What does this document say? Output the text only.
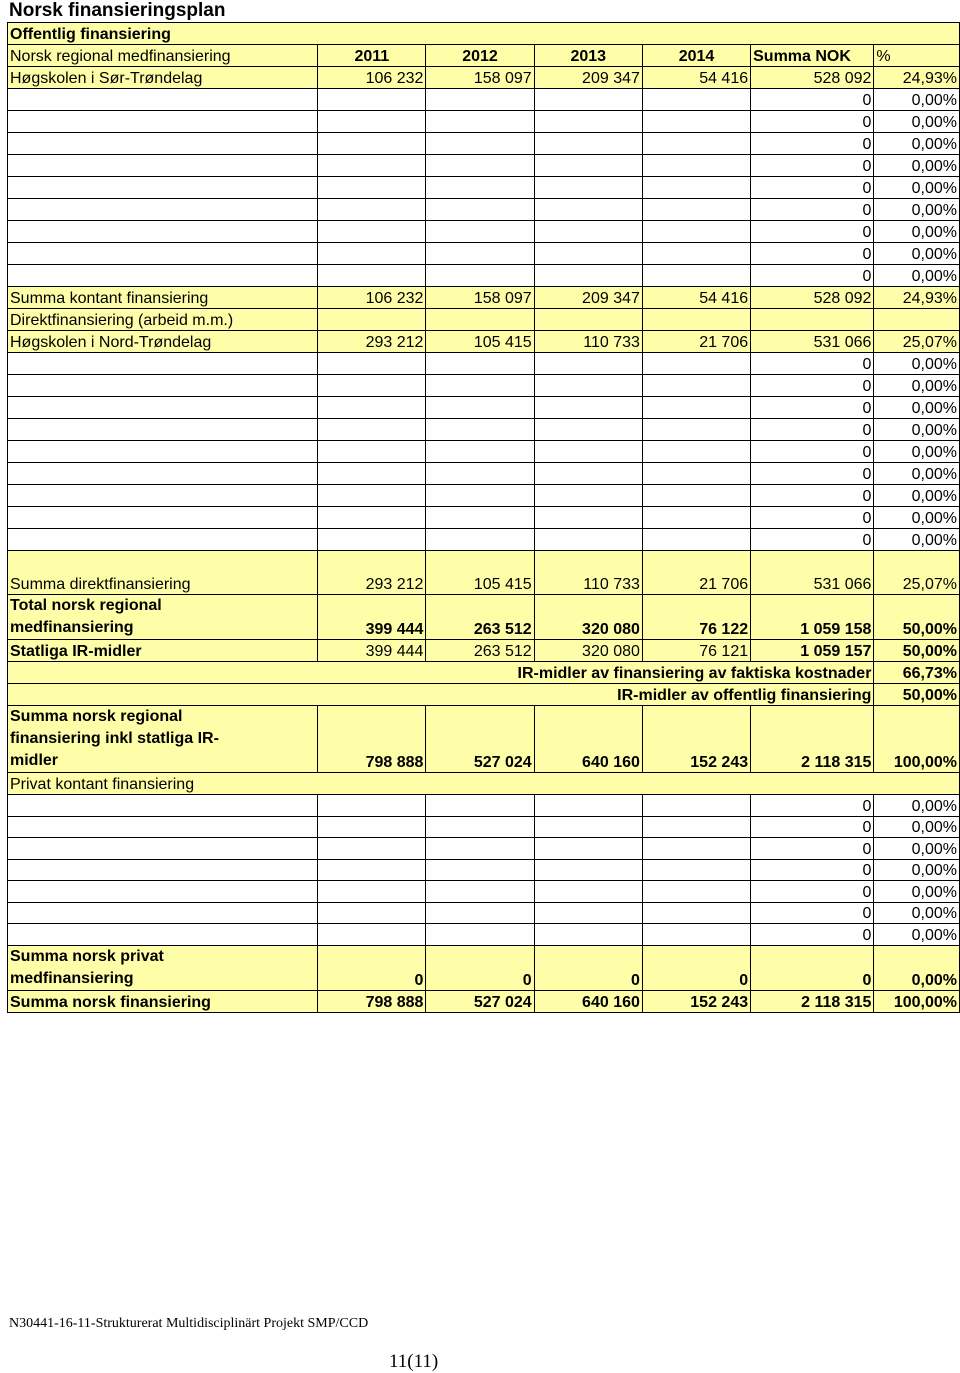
Norsk finansieringsplan
Offentlig finansiering						
Norsk regional medfinansiering	2011	2012	2013	2014	Summa NOK	%
Høgskolen i Sør-Trøndelag	106 232	158 097	209 347	54 416	528 092	24,93%
					0	0,00%
					0	0,00%
					0	0,00%
					0	0,00%
					0	0,00%
					0	0,00%
					0	0,00%
					0	0,00%
					0	0,00%
Summa kontant finansiering	106 232	158 097	209 347	54 416	528 092	24,93%
Direktfinansiering (arbeid m.m.)						
Høgskolen i Nord-Trøndelag	293 212	105 415	110 733	21 706	531 066	25,07%
					0	0,00%
					0	0,00%
					0	0,00%
					0	0,00%
					0	0,00%
					0	0,00%
					0	0,00%
					0	0,00%
					0	0,00%
Summa direktfinansiering	293 212	105 415	110 733	21 706	531 066	25,07%
Total norsk regional
medfinansiering	399 444	263 512	320 080	76 122	1 059 158	50,00%
Statliga IR-midler	399 444	263 512	320 080	76 121	1 059 157	50,00%
IR-midler av finansiering av faktiska kostnader						66,73%
IR-midler av offentlig finansiering						50,00%
Summa norsk regional
finansiering inkl statliga IR-
midler	798 888	527 024	640 160	152 243	2 118 315	100,00%
Privat kontant finansiering						
					0	0,00%
					0	0,00%
					0	0,00%
					0	0,00%
					0	0,00%
					0	0,00%
					0	0,00%
Summa norsk privat
medfinansiering	0	0	0	0	0	0,00%
Summa norsk finansiering	798 888	527 024	640 160	152 243	2 118 315	100,00%
N30441-16-11-Strukturerat Multidisciplinärt Projekt SMP/CCD
11(11)
